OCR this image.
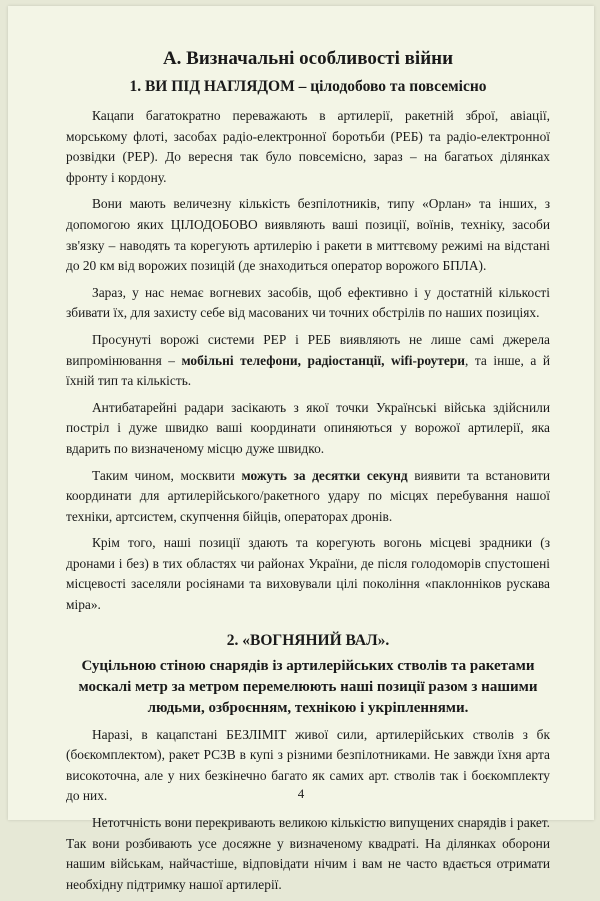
А. Визначальні особливості війни
1. ВИ ПІД НАГЛЯДОМ – цілодобово та повсемісно

Кацапи багатократно переважають в артилерії, ракетній зброї, авіації, морському флоті, засобах радіо-електронної боротьби (РЕБ) та радіо-електронної розвідки (РЕР). До вересня так було повсемісно, зараз – на багатьох ділянках фронту і кордону.

Вони мають величезну кількість безпілотників, типу «Орлан» та інших, з допомогою яких ЦІЛОДОБОВО виявляють ваші позиції, воїнів, техніку, засоби зв'язку – наводять та корегують артилерію і ракети в миттєвому режимі на відстані до 20 км від ворожих позицій (де знаходиться оператор ворожого БПЛА).

Зараз, у нас немає вогневих засобів, щоб ефективно і у достатній кількості збивати їх, для захисту себе від масованих чи точних обстрілів по наших позиціях.

Просунуті ворожі системи РЕР і РЕБ виявляють не лише самі джерела випромінювання – мобільні телефони, радіостанції, wifi-роутери, та інше, а й їхній тип та кількість.

Антибатарейні радари засікають з якої точки Українські війська здійснили постріл і дуже швидко ваші координати опиняються у ворожої артилерії, яка вдарить по визначеному місцю дуже швидко.

Таким чином, москвити можуть за десятки секунд виявити та встановити координати для артилерійського/ракетного удару по місцях перебування нашої техніки, артсистем, скупчення бійців, операторах дронів.

Крім того, наші позиції здають та корегують вогонь місцеві зрадники (з дронами і без) в тих областях чи районах України, де після голодоморів спустошені місцевості заселяли росіянами та виховували цілі покоління «паклонніков рускава міра».

2. «ВОГНЯНИЙ ВАЛ».
Суцільною стіною снарядів із артилерійських стволів та ракетами москалі метр за метром перемелюють наші позиції разом з нашими людьми, озброєнням, технікою і укріпленнями.

Наразі, в кацапстані БЕЗЛІМІТ живої сили, артилерійських стволів з бк (боєкомплектом), ракет РСЗВ в купі з різними безпілотниками. Не завжди їхня арта високоточна, але у них безкінечно багато як самих арт. стволів так і боєкомплекту до них.

Нетотчність вони перекривають великою кількістю випущених снарядів і ракет. Так вони розбивають усе досяжне у визначеному квадраті. На ділянках оборони нашим військам, найчастіше, відповідати нічим і вам не часто вдається отримати необхідну підтримку нашої артилерії.

4
